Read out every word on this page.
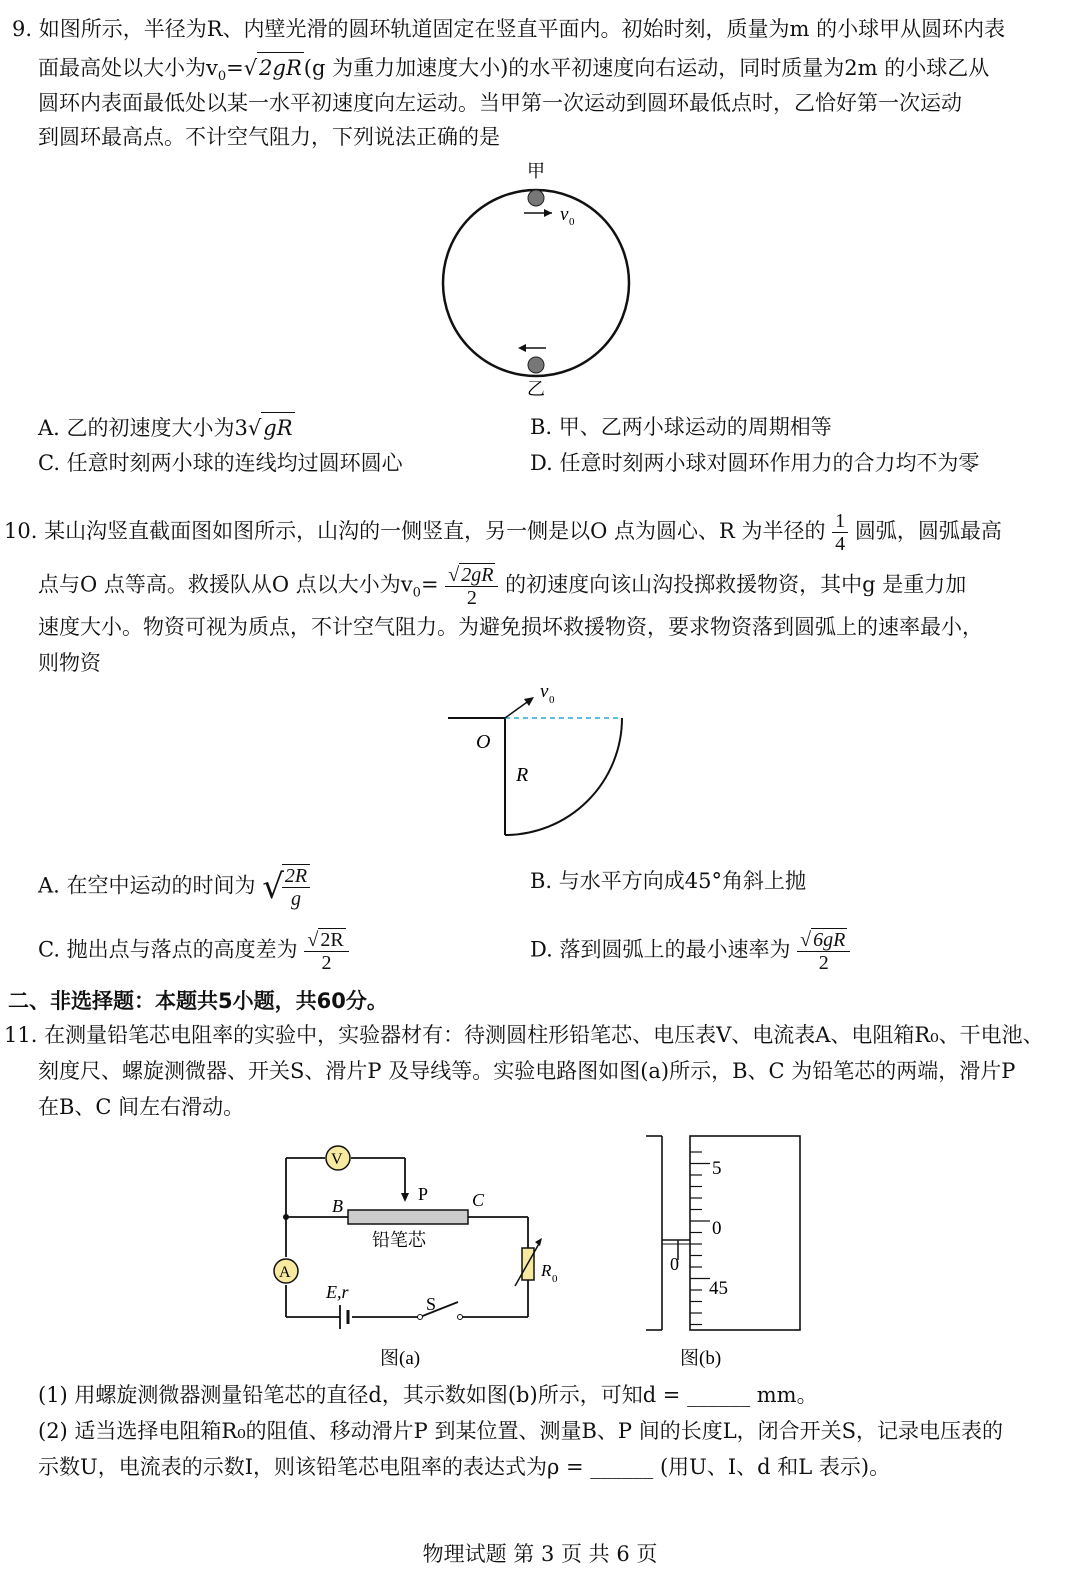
9. 如图所示，半径为R、内壁光滑的圆环轨道固定在竖直平面内。初始时刻，质量为m 的小球甲从圆环内表
面最高处以大小为$v_0=√2gR(g$ 为重力加速度大小)的水平初速度向右运动，同时质量为2m 的小球乙从
圆环内表面最低处以某一水平初速度向左运动。当甲第一次运动到圆环最低点时，乙恰好第一次运动
到圆环最高点。不计空气阻力，下列说法正确的是
甲
乙
v 0
A. 乙的初速度大小为3√gR	B. 甲、乙两小球运动的周期相等
C. 任意时刻两小球的连线均过圆环圆心	D. 任意时刻两小球对圆环作用力的合力均不为零
10. 某山沟竖直截面图如图所示，山沟的一侧竖直，另一侧是以O 点为圆心、R 为半径的 $\frac{1}{4}$ 圆弧，圆弧最高
点与O 点等高。救援队从O 点以大小为$v_0= \frac{√ 2gR}{2}$ 的初速度向该山沟投掷救援物资，其中g 是重力加
速度大小。物资可视为质点，不计空气阻力。为避免损坏救援物资，要求物资落到圆弧上的速率最小，
则物资
v 0
O
R
A. 在空中运动的时间为 √
$\frac{2R}{g}$	B. 与水平方向成45°角斜上抛
C. 抛出点与落点的高度差为 $\frac{√ 2R}{2}$	D. 落到圆弧上的最小速率为 $\frac{√ 6gR}{2}$
二、非选择题：本题共5小题，共60分。
11. 在测量铅笔芯电阻率的实验中，实验器材有：待测圆柱形铅笔芯、电压表V、电流表A、电阻箱R₀、干电池、
刻度尺、螺旋测微器、开关S、滑片P 及导线等。实验电路图如图(a)所示，B、C 为铅笔芯的两端，滑片P
在B、C 间左右滑动。
V
A
B
P C
铅笔芯
R 0
E,r
S
图(a)
5
0
45
0
图(b)
(1) 用螺旋测微器测量铅笔芯的直径d，其示数如图(b)所示，可知d = ______ mm。
(2) 适当选择电阻箱R₀的阻值、移动滑片P 到某位置、测量B、P 间的长度L，闭合开关S，记录电压表的
示数U，电流表的示数I，则该铅笔芯电阻率的表达式为ρ = ______ (用U、I、d 和L 表示)。
物理试题 第 3 页 共 6 页
